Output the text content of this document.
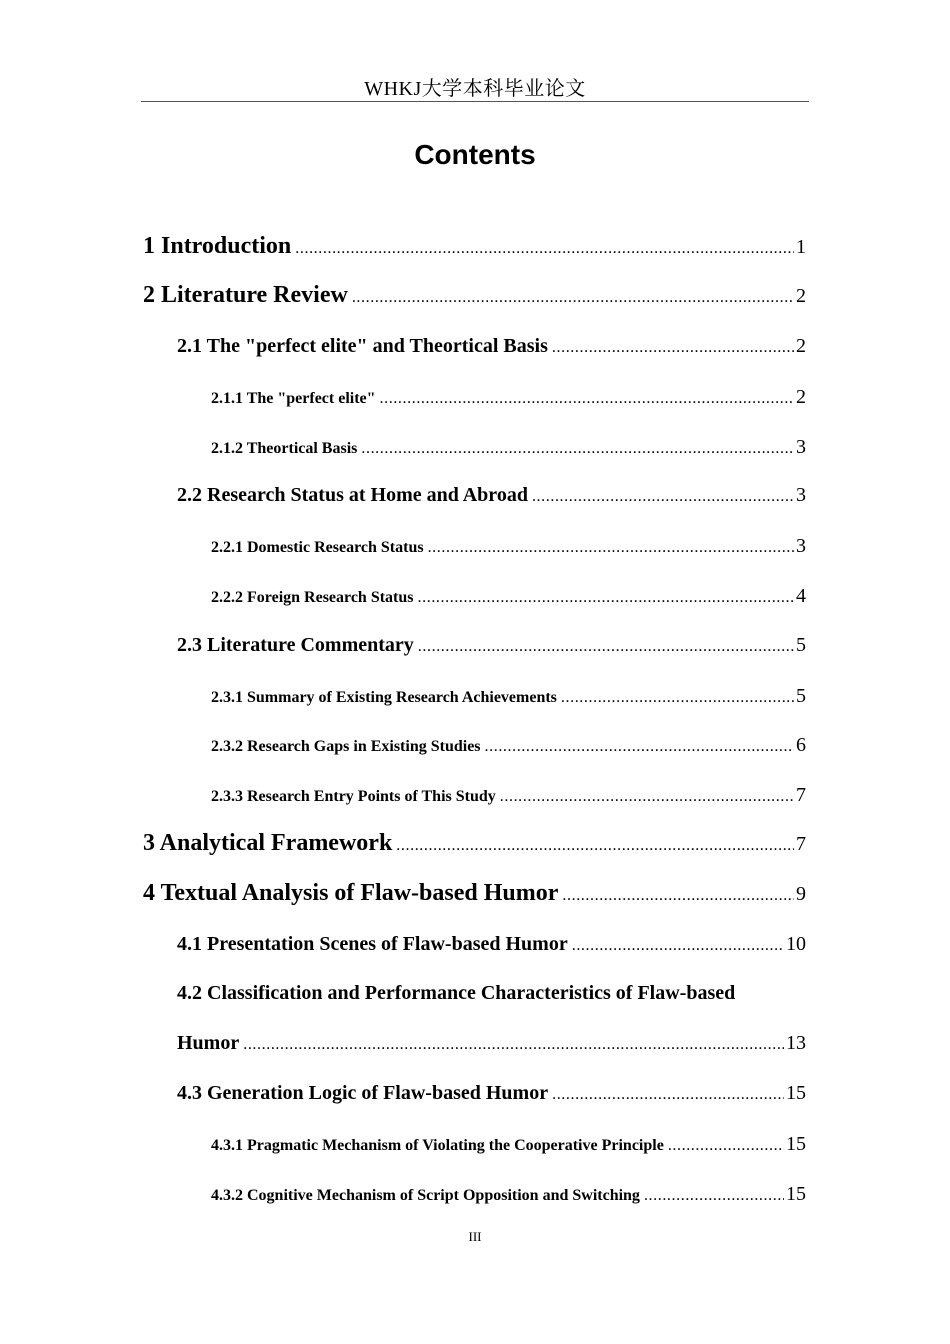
WHKJ大学本科毕业论文
Contents
1 Introduction .....	1
2 Literature Review .....	2
2.1 The "perfect elite" and Theortical Basis .....	2
2.1.1 The "perfect elite" .....	2
2.1.2 Theortical Basis .....	3
2.2 Research Status at Home and Abroad .....	3
2.2.1 Domestic Research Status .....	3
2.2.2 Foreign Research Status .....	4
2.3 Literature Commentary .....	5
2.3.1 Summary of Existing Research Achievements .....	5
2.3.2 Research Gaps in Existing Studies .....	6
2.3.3 Research Entry Points of This Study .....	7
3 Analytical Framework .....	7
4 Textual Analysis of Flaw-based Humor .....	9
4.1 Presentation Scenes of Flaw-based Humor .....	10
4.2 Classification and Performance Characteristics of Flaw-based
Humor .....	13
4.3 Generation Logic of Flaw-based Humor .....	15
4.3.1 Pragmatic Mechanism of Violating the Cooperative Principle .....	15
4.3.2 Cognitive Mechanism of Script Opposition and Switching .....	15
III
